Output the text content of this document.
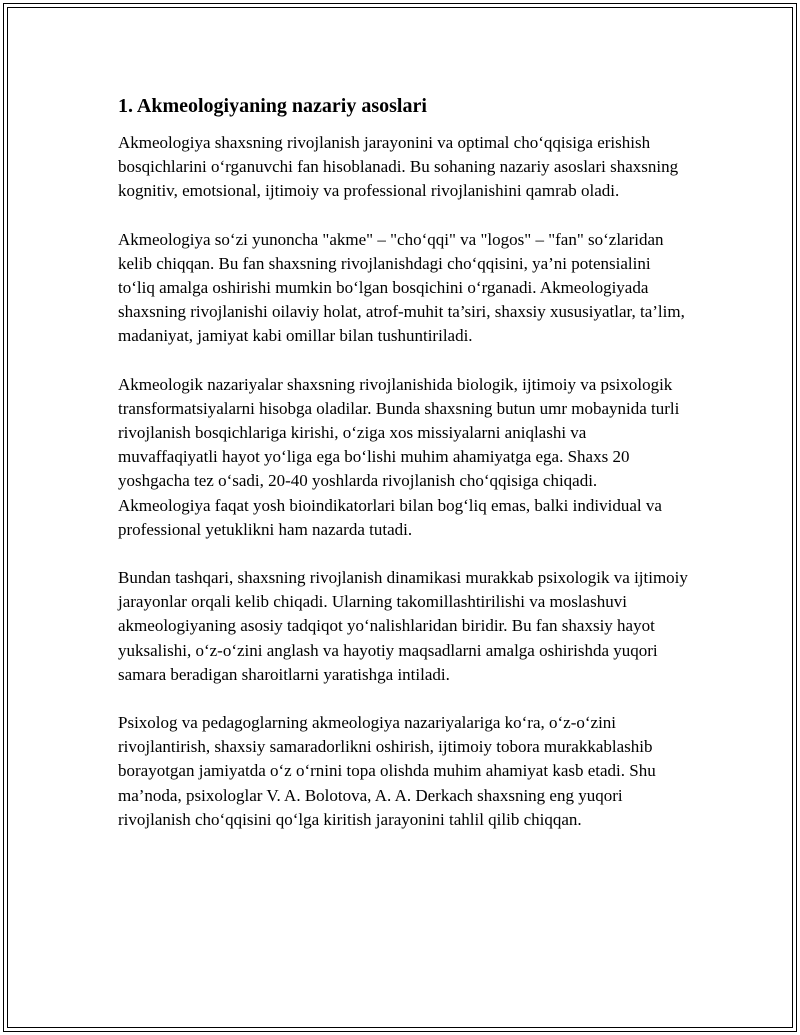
1. Akmeologiyaning nazariy asoslari

Akmeologiya shaxsning rivojlanish jarayonini va optimal cho‘qqisiga erishish bosqichlarini o‘rganuvchi fan hisoblanadi. Bu sohaning nazariy asoslari shaxsning kognitiv, emotsional, ijtimoiy va professional rivojlanishini qamrab oladi.

Akmeologiya so‘zi yunoncha "akme" – "cho‘qqi" va "logos" – "fan" so‘zlaridan kelib chiqqan. Bu fan shaxsning rivojlanishdagi cho‘qqisini, ya’ni potensialini to‘liq amalga oshirishi mumkin bo‘lgan bosqichini o‘rganadi. Akmeologiyada shaxsning rivojlanishi oilaviy holat, atrof-muhit ta’siri, shaxsiy xususiyatlar, ta’lim, madaniyat, jamiyat kabi omillar bilan tushuntiriladi.

Akmeologik nazariyalar shaxsning rivojlanishida biologik, ijtimoiy va psixologik transformatsiyalarni hisobga oladilar. Bunda shaxsning butun umr mobaynida turli rivojlanish bosqichlariga kirishi, o‘ziga xos missiyalarni aniqlashi va muvaffaqiyatli hayot yo‘liga ega bo‘lishi muhim ahamiyatga ega. Shaxs 20 yoshgacha tez o‘sadi, 20-40 yoshlarda rivojlanish cho‘qqisiga chiqadi. Akmeologiya faqat yosh bioindikatorlari bilan bog‘liq emas, balki individual va professional yetuklikni ham nazarda tutadi.

Bundan tashqari, shaxsning rivojlanish dinamikasi murakkab psixologik va ijtimoiy jarayonlar orqali kelib chiqadi. Ularning takomillashtirilishi va moslashuvi akmeologiyaning asosiy tadqiqot yo‘nalishlaridan biridir. Bu fan shaxsiy hayot yuksalishi, o‘z-o‘zini anglash va hayotiy maqsadlarni amalga oshirishda yuqori samara beradigan sharoitlarni yaratishga intiladi.

Psixolog va pedagoglarning akmeologiya nazariyalariga ko‘ra, o‘z-o‘zini rivojlantirish, shaxsiy samaradorlikni oshirish, ijtimoiy tobora murakkablashib borayotgan jamiyatda o‘z o‘rnini topa olishda muhim ahamiyat kasb etadi. Shu ma’noda, psixologlar V. A. Bolotova, A. A. Derkach shaxsning eng yuqori rivojlanish cho‘qqisini qo‘lga kiritish jarayonini tahlil qilib chiqqan.
